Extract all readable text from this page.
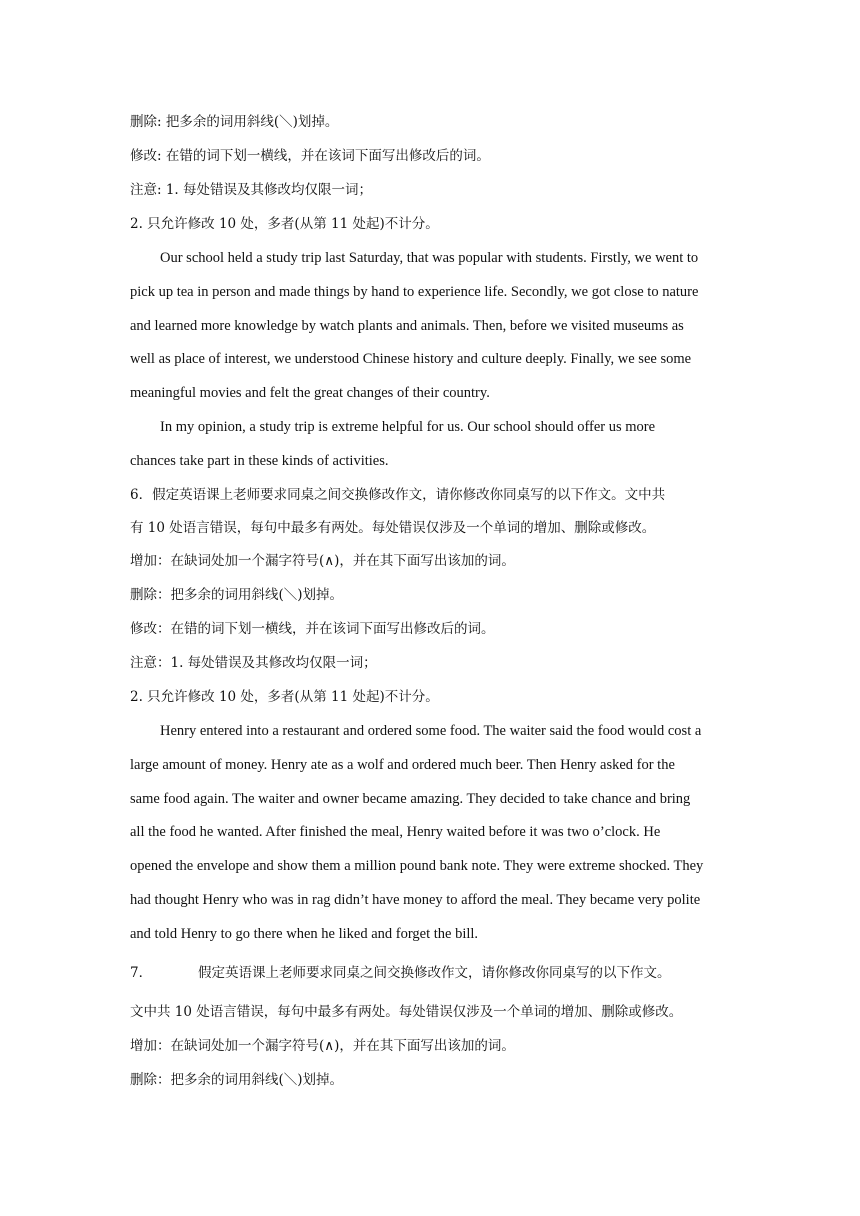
删除: 把多余的词用斜线(＼)划掉。
修改: 在错的词下划一横线，并在该词下面写出修改后的词。
注意: 1. 每处错误及其修改均仅限一词；
2. 只允许修改 10 处，多者(从第 11 处起)不计分。
Our school held a study trip last Saturday, that was popular with students. Firstly, we went to
pick up tea in person and made things by hand to experience life. Secondly, we got close to nature
and learned more knowledge by watch plants and animals. Then, before we visited museums as
well as place of interest, we understood Chinese history and culture deeply. Finally, we see some
meaningful movies and felt the great changes of their country.
In my opinion, a study trip is extreme helpful for us. Our school should offer us more
chances take part in these kinds of activities.
6．假定英语课上老师要求同桌之间交换修改作文，请你修改你同桌写的以下作文。文中共
有 10 处语言错误，每句中最多有两处。每处错误仅涉及一个单词的增加、删除或修改。
增加：在缺词处加一个漏字符号(∧)，并在其下面写出该加的词。
删除：把多余的词用斜线(＼)划掉。
修改：在错的词下划一横线，并在该词下面写出修改后的词。
注意：1. 每处错误及其修改均仅限一词；
2. 只允许修改 10 处，多者(从第 11 处起)不计分。
Henry entered into a restaurant and ordered some food. The waiter said the food would cost a
large amount of money. Henry ate as a wolf and ordered much beer. Then Henry asked for the
same food again. The waiter and owner became amazing. They decided to take chance and bring
all the food he wanted. After finished the meal, Henry waited before it was two o’clock. He
opened the envelope and show them a million pound bank note. They were extreme shocked. They
had thought Henry who was in rag didn’t have money to afford the meal. They became very polite
and told Henry to go there when he liked and forget the bill.
7．	假定英语课上老师要求同桌之间交换修改作文，请你修改你同桌写的以下作文。
文中共 10 处语言错误，每句中最多有两处。每处错误仅涉及一个单词的增加、删除或修改。
增加：在缺词处加一个漏字符号(∧)，并在其下面写出该加的词。
删除：把多余的词用斜线(＼)划掉。
